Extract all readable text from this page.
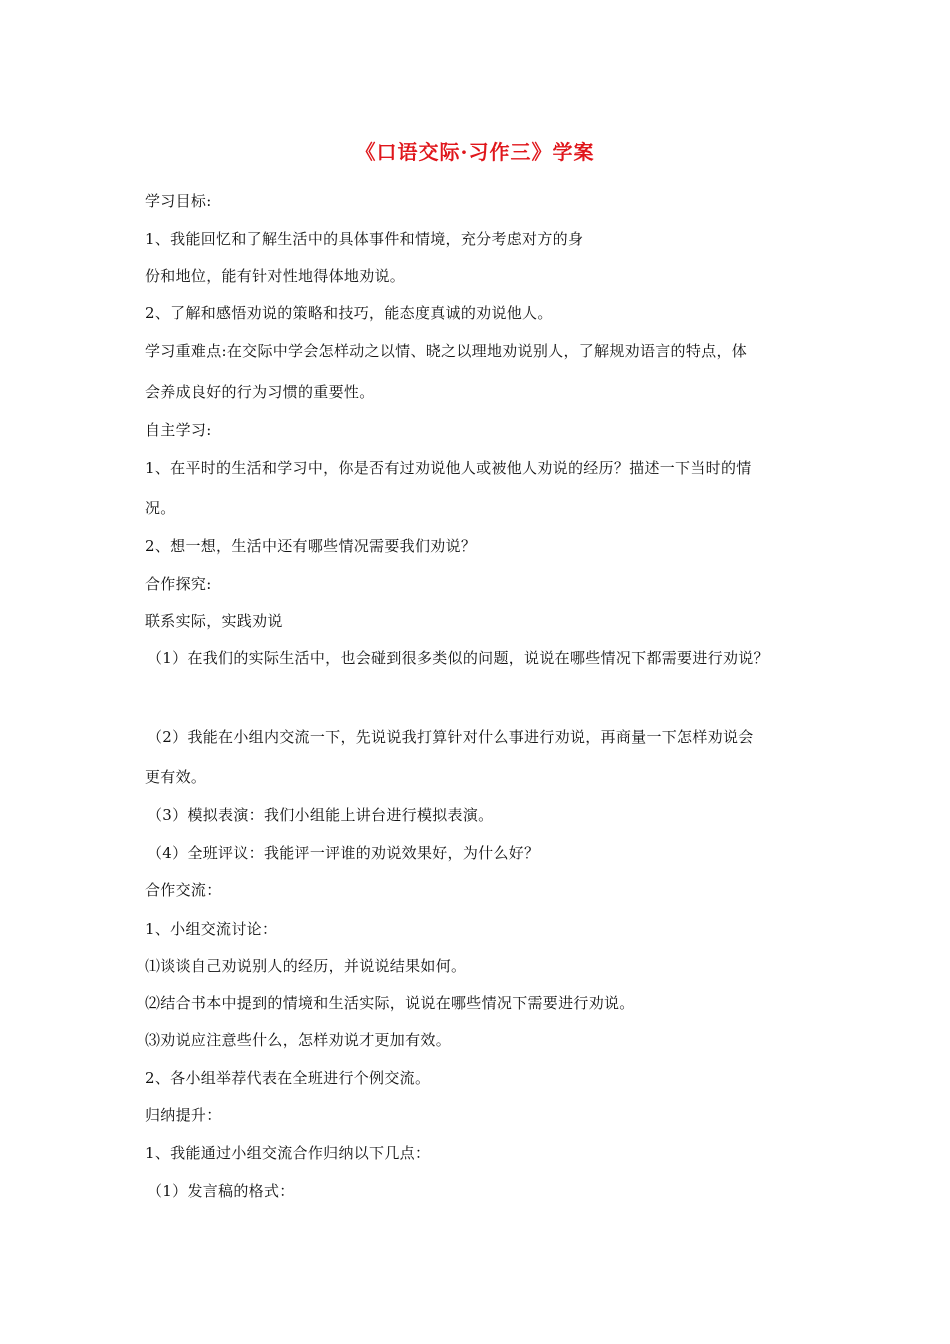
《口语交际·习作三》学案
学习目标:
1、我能回忆和了解生活中的具体事件和情境，充分考虑对方的身
份和地位，能有针对性地得体地劝说。
2、了解和感悟劝说的策略和技巧，能态度真诚的劝说他人。
学习重难点:在交际中学会怎样动之以情、晓之以理地劝说别人，了解规劝语言的特点，体
会养成良好的行为习惯的重要性。
自主学习:
1、在平时的生活和学习中，你是否有过劝说他人或被他人劝说的经历？描述一下当时的情
况。
2、想一想，生活中还有哪些情况需要我们劝说？
合作探究:
联系实际，实践劝说
（1）在我们的实际生活中，也会碰到很多类似的问题，说说在哪些情况下都需要进行劝说？
（2）我能在小组内交流一下，先说说我打算针对什么事进行劝说，再商量一下怎样劝说会
更有效。
（3）模拟表演：我们小组能上讲台进行模拟表演。
（4）全班评议：我能评一评谁的劝说效果好，为什么好？
合作交流：
1、小组交流讨论：
⑴谈谈自己劝说别人的经历，并说说结果如何。
⑵结合书本中提到的情境和生活实际，说说在哪些情况下需要进行劝说。
⑶劝说应注意些什么，怎样劝说才更加有效。
2、各小组举荐代表在全班进行个例交流。
归纳提升：
1、我能通过小组交流合作归纳以下几点：
（1）发言稿的格式：
